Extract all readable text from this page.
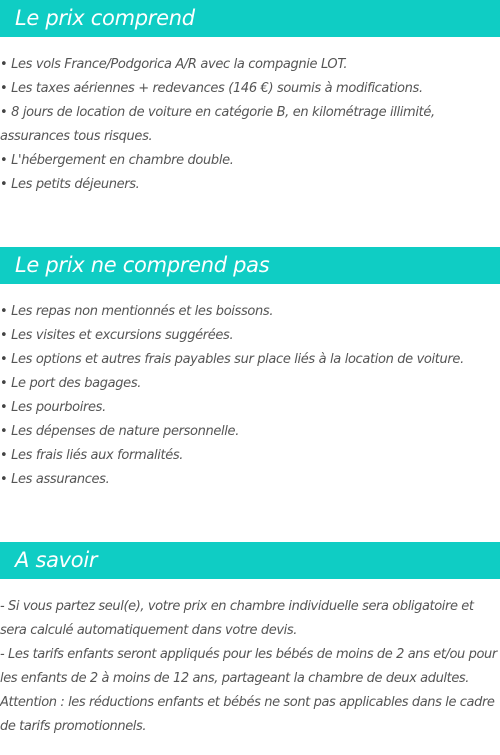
Le prix comprend
• Les vols France/Podgorica A/R avec la compagnie LOT.
• Les taxes aériennes + redevances (146 €) soumis à modifications.
• 8 jours de location de voiture en catégorie B, en kilométrage illimité, assurances tous risques.
• L'hébergement en chambre double.
• Les petits déjeuners.
Le prix ne comprend pas
• Les repas non mentionnés et les boissons.
• Les visites et excursions suggérées.
• Les options et autres frais payables sur place liés à la location de voiture.
• Le port des bagages.
• Les pourboires.
• Les dépenses de nature personnelle.
• Les frais liés aux formalités.
• Les assurances.
A savoir
- Si vous partez seul(e), votre prix en chambre individuelle sera obligatoire et sera calculé automatiquement dans votre devis.
- Les tarifs enfants seront appliqués pour les bébés de moins de 2 ans et/ou pour les enfants de 2 à moins de 12 ans, partageant la chambre de deux adultes.
Attention : les réductions enfants et bébés ne sont pas applicables dans le cadre de tarifs promotionnels.
